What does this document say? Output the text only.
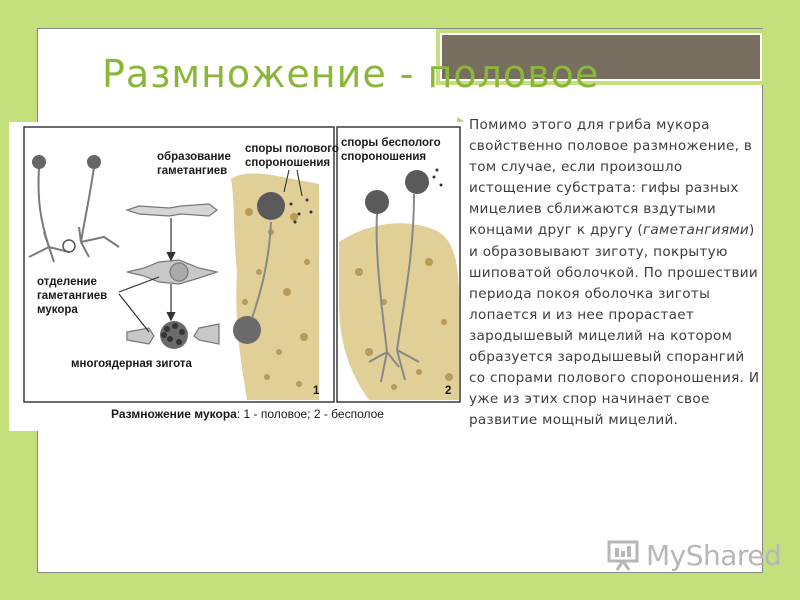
Размножение - половое

Помимо этого для гриба мукора свойственно половое размножение, в том случае, если произошло истощение субстрата: гифы разных мицелиев сближаются вздутыми концами друг к другу (гаметангиями) и образовывают зиготу, покрытую шиповатой оболочкой. По прошествии периода покоя оболочка зиготы лопается и из нее прорастает зародышевый мицелий на котором образуется зародышевый спорангий со спорами полового спороношения. И уже из этих спор начинает свое развитие мощный мицелий.

образование
гаметангиев
споры полового
спороношения
споры бесполого
спороношения
отделение
гаметангиев
мукора
многоядерная зигота
1	2
Размножение мукора: 1 - половое; 2 - бесполое
MyShared
